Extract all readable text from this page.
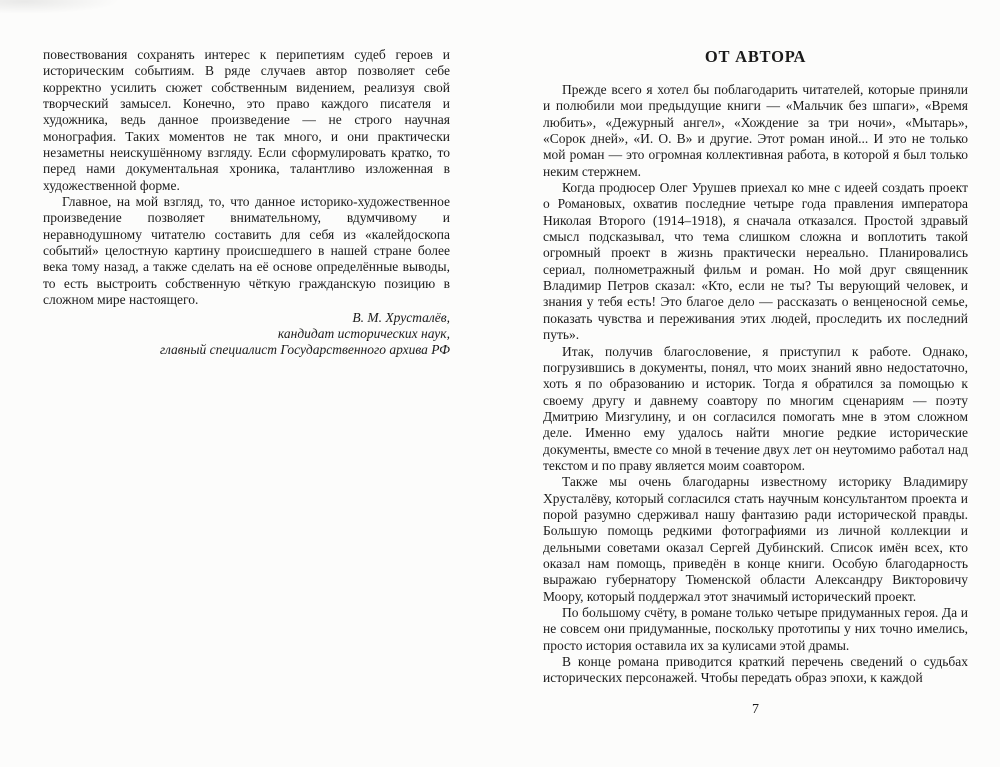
повествования сохранять интерес к перипетиям судеб героев и историческим событиям. В ряде случаев автор позволяет себе корректно усилить сюжет собственным видением, реализуя свой творческий замысел. Конечно, это право каждого писателя и художника, ведь данное произведение — не строго научная монография. Таких моментов не так много, и они практически незаметны неискушённому взгляду. Если сформулировать кратко, то перед нами документальная хроника, талантливо изложенная в художественной форме.

Главное, на мой взгляд, то, что данное историко-художественное произведение позволяет внимательному, вдумчивому и неравнодушному читателю составить для себя из «калейдоскопа событий» целостную картину происшедшего в нашей стране более века тому назад, а также сделать на её основе определённые выводы, то есть выстроить собственную чёткую гражданскую позицию в сложном мире настоящего.

В. М. Хрусталёв,

кандидат исторических наук,

главный специалист Государственного архива РФ

ОТ АВТОРА

Прежде всего я хотел бы поблагодарить читателей, которые приняли и полюбили мои предыдущие книги — «Мальчик без шпаги», «Время любить», «Дежурный ангел», «Хождение за три ночи», «Мытарь», «Сорок дней», «И. О. В» и другие. Этот роман иной... И это не только мой роман — это огромная коллективная работа, в которой я был только неким стержнем.

Когда продюсер Олег Урушев приехал ко мне с идеей создать проект о Романовых, охватив последние четыре года правления императора Николая Второго (1914–1918), я сначала отказался. Простой здравый смысл подсказывал, что тема слишком сложна и воплотить такой огромный проект в жизнь практически нереально. Планировались сериал, полнометражный фильм и роман. Но мой друг священник Владимир Петров сказал: «Кто, если не ты? Ты верующий человек, и знания у тебя есть! Это благое дело — рассказать о венценосной семье, показать чувства и переживания этих людей, проследить их последний путь».

Итак, получив благословение, я приступил к работе. Однако, погрузившись в документы, понял, что моих знаний явно недостаточно, хоть я по образованию и историк. Тогда я обратился за помощью к своему другу и давнему соавтору по многим сценариям — поэту Дмитрию Мизгулину, и он согласился помогать мне в этом сложном деле. Именно ему удалось найти многие редкие исторические документы, вместе со мной в течение двух лет он неутомимо работал над текстом и по праву является моим соавтором.

Также мы очень благодарны известному историку Владимиру Хрусталёву, который согласился стать научным консультантом проекта и порой разумно сдерживал нашу фантазию ради исторической правды. Большую помощь редкими фотографиями из личной коллекции и дельными советами оказал Сергей Дубинский. Список имён всех, кто оказал нам помощь, приведён в конце книги. Особую благодарность выражаю губернатору Тюменской области Александру Викторовичу Моору, который поддержал этот значимый исторический проект.

По большому счёту, в романе только четыре придуманных героя. Да и не совсем они придуманные, поскольку прототипы у них точно имелись, просто история оставила их за кулисами этой драмы.

В конце романа приводится краткий перечень сведений о судьбах исторических персонажей. Чтобы передать образ эпохи, к каждой

7
